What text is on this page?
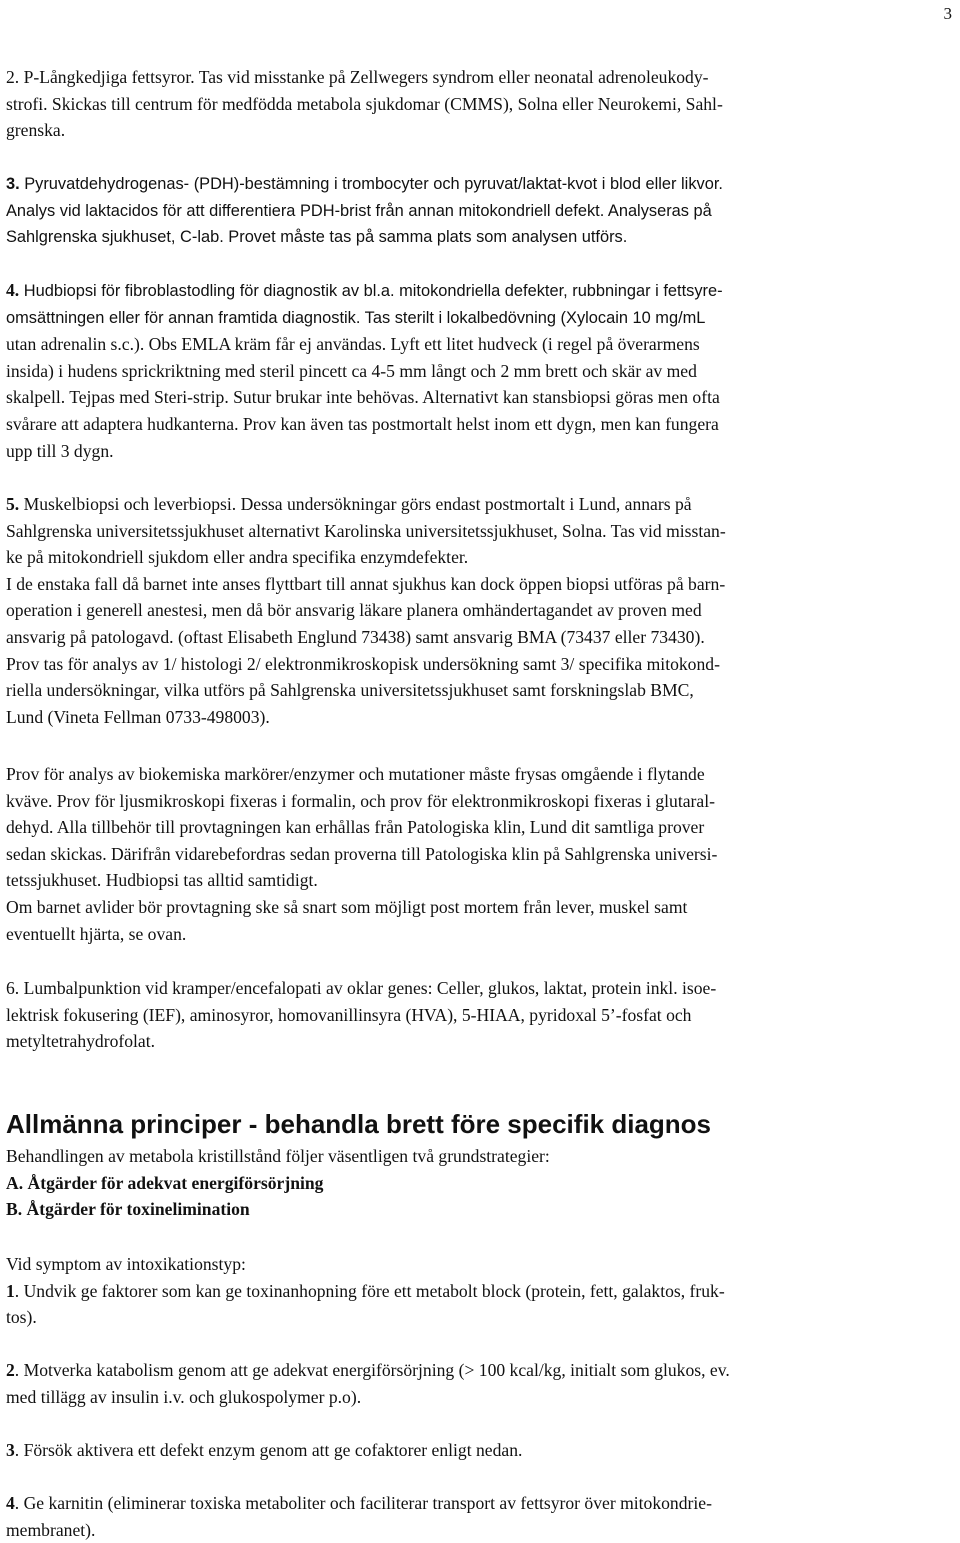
3
2. P-Långkedjiga fettsyror. Tas vid misstanke på Zellwegers syndrom eller neonatal adrenoleukody-
strofi. Skickas till centrum för medfödda metabola sjukdomar (CMMS), Solna eller Neurokemi, Sahl-
grenska.
3. Pyruvatdehydrogenas- (PDH)-bestämning i trombocyter och pyruvat/laktat-kvot i blod eller likvor.
Analys vid laktacidos för att differentiera PDH-brist från annan mitokondriell defekt. Analyseras på
Sahlgrenska sjukhuset, C-lab. Provet måste tas på samma plats som analysen utförs.
4. Hudbiopsi för fibroblastodling för diagnostik av bl.a. mitokondriella defekter, rubbningar i fettsyre-
omsättningen eller för annan framtida diagnostik. Tas sterilt i lokalbedövning (Xylocain 10 mg/mL
utan adrenalin s.c.). Obs EMLA kräm får ej användas. Lyft ett litet hudveck (i regel på överarmens
insida) i hudens sprickriktning med steril pincett ca 4-5 mm långt och 2 mm brett och skär av med
skalpell. Tejpas med Steri-strip. Sutur brukar inte behövas. Alternativt kan stansbiopsi göras men ofta
svårare att adaptera hudkanterna. Prov kan även tas postmortalt helst inom ett dygn, men kan fungera
upp till 3 dygn.
5. Muskelbiopsi och leverbiopsi. Dessa undersökningar görs endast postmortalt i Lund, annars på
Sahlgrenska universitetssjukhuset alternativt Karolinska universitetssjukhuset, Solna. Tas vid misstan-
ke på mitokondriell sjukdom eller andra specifika enzymdefekter.
I de enstaka fall då barnet inte anses flyttbart till annat sjukhus kan dock öppen biopsi utföras på barn-
operation i generell anestesi, men då bör ansvarig läkare planera omhändertagandet av proven med
ansvarig på patologavd. (oftast Elisabeth Englund 73438) samt ansvarig BMA (73437 eller 73430).
Prov tas för analys av 1/ histologi 2/ elektronmikroskopisk undersökning samt 3/ specifika mitokond-
riella undersökningar, vilka utförs på Sahlgrenska universitetssjukhuset samt forskningslab BMC,
Lund (Vineta Fellman 0733-498003).
Prov för analys av biokemiska markörer/enzymer och mutationer måste frysas omgående i flytande
kväve. Prov för ljusmikroskopi fixeras i formalin, och prov för elektronmikroskopi fixeras i glutaral-
dehyd. Alla tillbehör till provtagningen kan erhållas från Patologiska klin, Lund dit samtliga prover
sedan skickas. Därifrån vidarebefordras sedan proverna till Patologiska klin på Sahlgrenska universi-
tetssjukhuset. Hudbiopsi tas alltid samtidigt.
Om barnet avlider bör provtagning ske så snart som möjligt post mortem från lever, muskel samt
eventuellt hjärta, se ovan.
6. Lumbalpunktion vid kramper/encefalopati av oklar genes: Celler, glukos, laktat, protein inkl. isoe-
lektrisk fokusering (IEF), aminosyror, homovanillinsyra (HVA), 5-HIAA, pyridoxal 5’-fosfat och
metyltetrahydrofolat.
Allmänna principer - behandla brett före specifik diagnos
Behandlingen av metabola kristillstånd följer väsentligen två grundstrategier:
A. Åtgärder för adekvat energiförsörjning
B. Åtgärder för toxinelimination
Vid symptom av intoxikationstyp:
1. Undvik ge faktorer som kan ge toxinanhopning före ett metabolt block (protein, fett, galaktos, fruk-
tos).
2. Motverka katabolism genom att ge adekvat energiförsörjning (> 100 kcal/kg, initialt som glukos, ev.
med tillägg av insulin i.v. och glukospolymer p.o).
3. Försök aktivera ett defekt enzym genom att ge cofaktorer enligt nedan.
4. Ge karnitin (eliminerar toxiska metaboliter och faciliterar transport av fettsyror över mitokondrie-
membranet).
